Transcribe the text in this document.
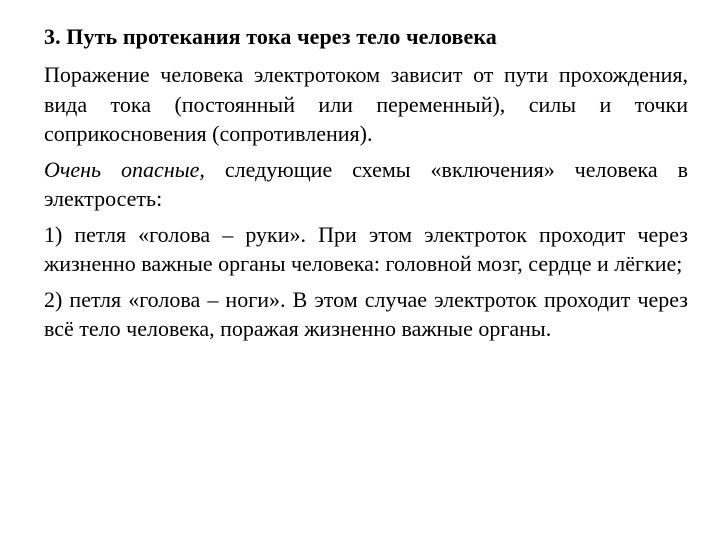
3. Путь протекания тока через тело человека
Поражение человека электротоком зависит от пути прохождения, вида тока (постоянный или переменный), силы и точки соприкосновения (сопротивления).
Очень опасные, следующие схемы «включения» человека в электросеть:
1) петля «голова – руки». При этом электроток проходит через жизненно важные органы человека: головной мозг, сердце и лёгкие;
2) петля «голова – ноги». В этом случае электроток проходит через всё тело человека, поражая жизненно важные органы.
